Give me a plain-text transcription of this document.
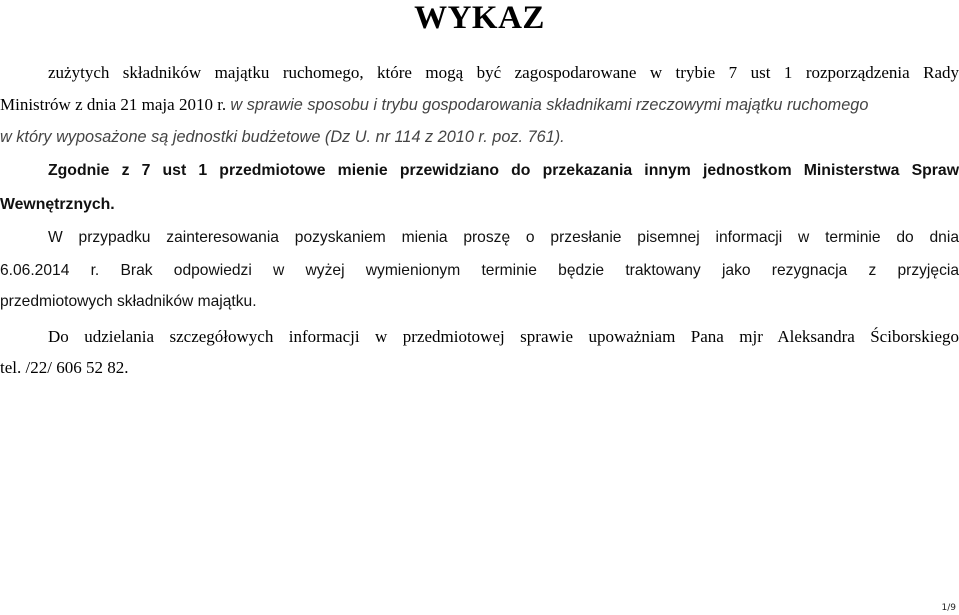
WYKAZ
zużytych składników majątku ruchomego, które mogą być zagospodarowane w trybie 7 ust 1 rozporządzenia Rady
Ministrów z dnia 21 maja 2010 r. w sprawie sposobu i trybu gospodarowania składnikami rzeczowymi majątku ruchomego
w który wyposażone są jednostki budżetowe (Dz U. nr 114 z 2010 r. poz. 761).
Zgodnie z 7 ust 1 przedmiotowe mienie przewidziano do przekazania innym jednostkom Ministerstwa Spraw
Wewnętrznych.
W przypadku zainteresowania pozyskaniem mienia proszę o przesłanie pisemnej informacji w terminie do dnia
6.06.2014 r. Brak odpowiedzi w wyżej wymienionym terminie będzie traktowany jako rezygnacja z przyjęcia
przedmiotowych składników majątku.
Do udzielania szczegółowych informacji w przedmiotowej sprawie upoważniam Pana mjr Aleksandra Ściborskiego
tel. /22/ 606 52 82.
1/9
